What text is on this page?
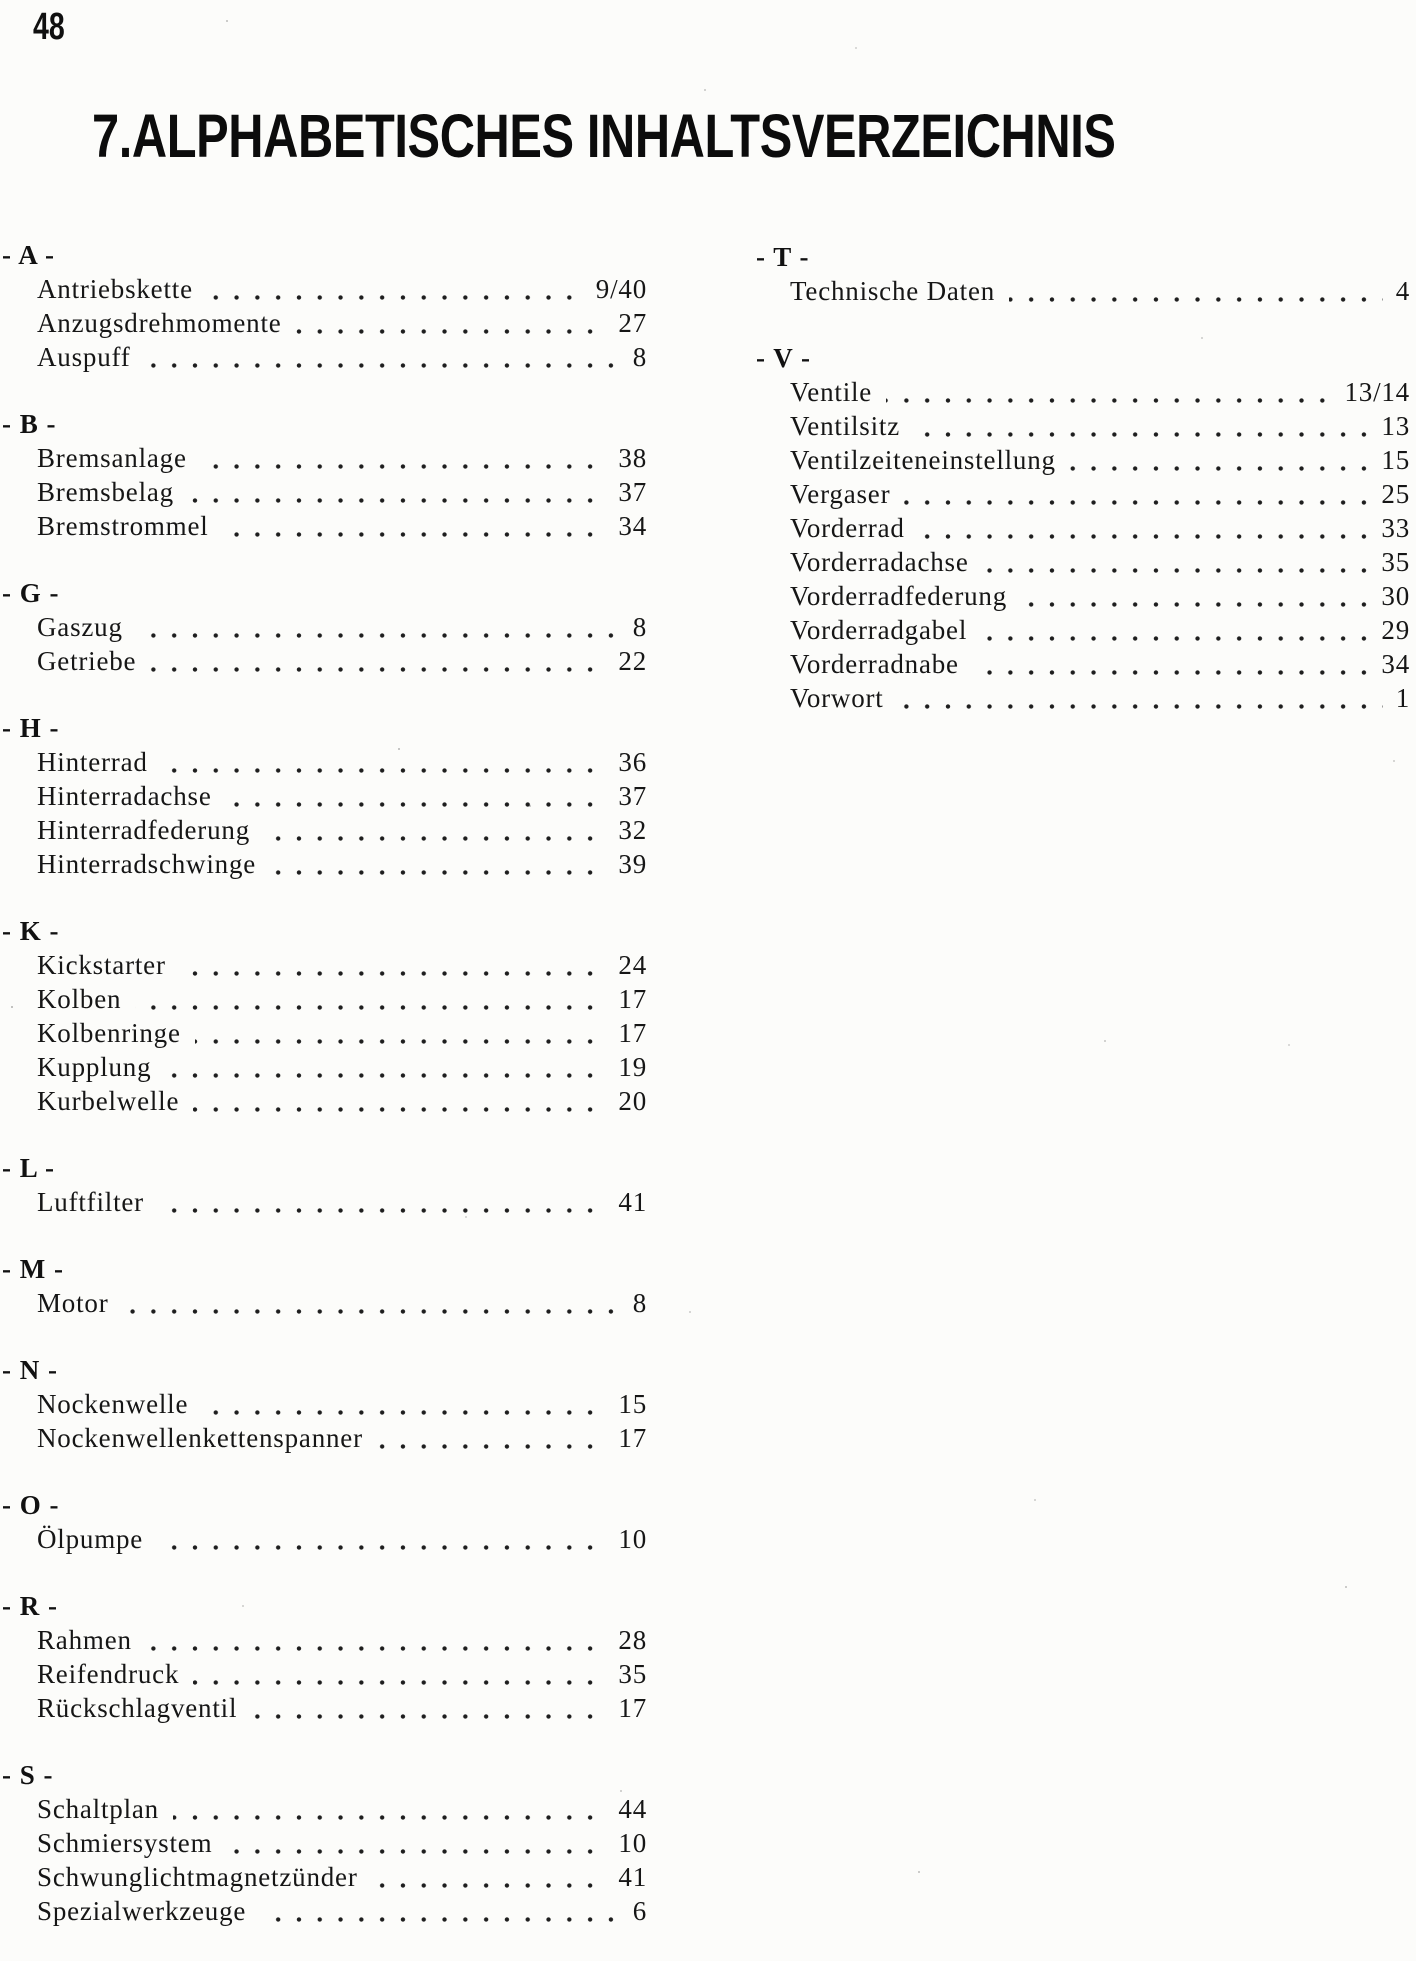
48
7.ALPHABETISCHES INHALTSVERZEICHNIS
- A -
Antriebskette	9/40
Anzugsdrehmomente	27
Auspuff	8
- B -
Bremsanlage	38
Bremsbelag	37
Bremstrommel	34
- G -
Gaszug	8
Getriebe	22
- H -
Hinterrad	36
Hinterradachse	37
Hinterradfederung	32
Hinterradschwinge	39
- K -
Kickstarter	24
Kolben	17
Kolbenringe	17
Kupplung	19
Kurbelwelle	20
- L -
Luftfilter	41
- M -
Motor	8
- N -
Nockenwelle	15
Nockenwellenkettenspanner	17
- O -
Ölpumpe	10
- R -
Rahmen	28
Reifendruck	35
Rückschlagventil	17
- S -
Schaltplan	44
Schmiersystem	10
Schwunglichtmagnetzünder	41
Spezialwerkzeuge	6
- T -
Technische Daten	4
- V -
Ventile	13/14
Ventilsitz	13
Ventilzeiteneinstellung	15
Vergaser	25
Vorderrad	33
Vorderradachse	35
Vorderradfederung	30
Vorderradgabel	29
Vorderradnabe	34
Vorwort	1
